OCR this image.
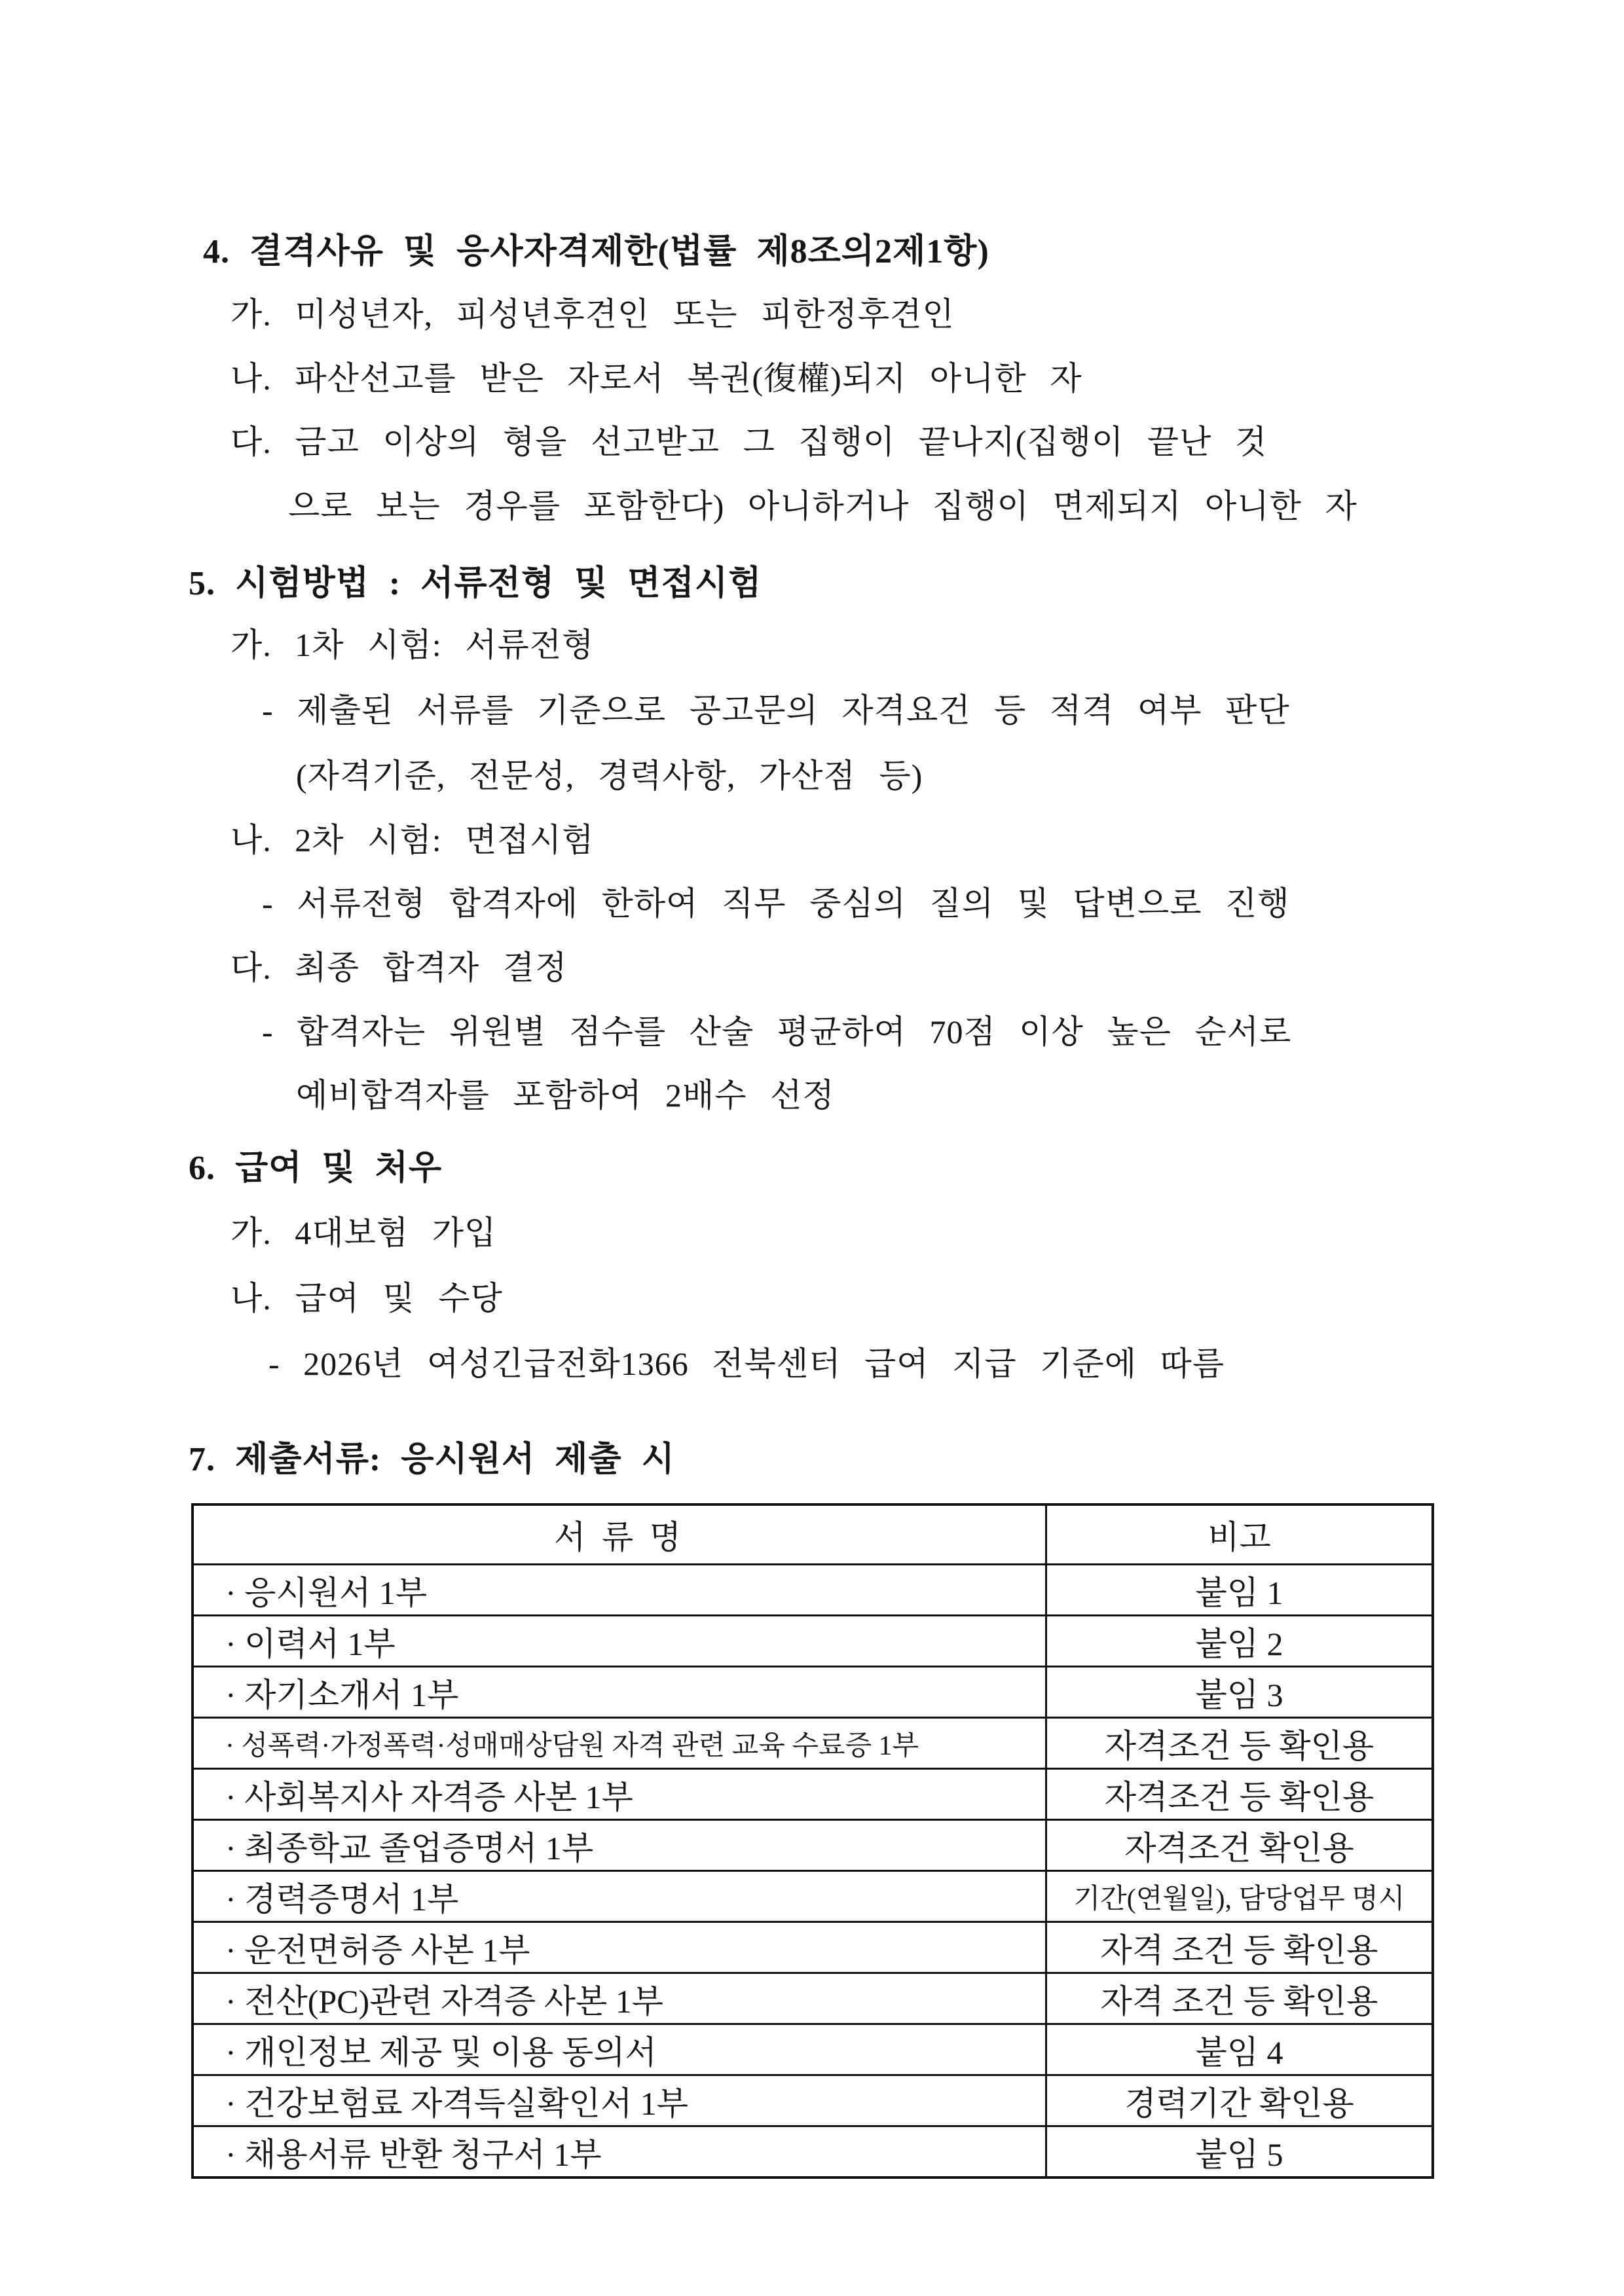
4. 결격사유 및 응사자격제한(법률 제8조의2제1항)
가. 미성년자, 피성년후견인 또는 피한정후견인
나. 파산선고를 받은 자로서 복권(復權)되지 아니한 자
다. 금고 이상의 형을 선고받고 그 집행이 끝나지(집행이 끝난 것
으로 보는 경우를 포함한다) 아니하거나 집행이 면제되지 아니한 자
5. 시험방법 : 서류전형 및 면접시험
가. 1차 시험: 서류전형
- 제출된 서류를 기준으로 공고문의 자격요건 등 적격 여부 판단
(자격기준, 전문성, 경력사항, 가산점 등)
나. 2차 시험: 면접시험
- 서류전형 합격자에 한하여 직무 중심의 질의 및 답변으로 진행
다. 최종 합격자 결정
- 합격자는 위원별 점수를 산술 평균하여 70점 이상 높은 순서로
예비합격자를 포함하여 2배수 선정
6. 급여 및 처우
가. 4대보험 가입
나. 급여 및 수당
- 2026년 여성긴급전화1366 전북센터 급여 지급 기준에 따름
7. 제출서류: 응시원서 제출 시
서 류 명	비고
· 응시원서 1부	붙임 1
· 이력서 1부	붙임 2
· 자기소개서 1부	붙임 3
· 성폭력·가정폭력·성매매상담원 자격 관련 교육 수료증 1부	자격조건 등 확인용
· 사회복지사 자격증 사본 1부	자격조건 등 확인용
· 최종학교 졸업증명서 1부	자격조건 확인용
· 경력증명서 1부	기간(연월일), 담당업무 명시
· 운전면허증 사본 1부	자격 조건 등 확인용
· 전산(PC)관련 자격증 사본 1부	자격 조건 등 확인용
· 개인정보 제공 및 이용 동의서	붙임 4
· 건강보험료 자격득실확인서 1부	경력기간 확인용
· 채용서류 반환 청구서 1부	붙임 5
